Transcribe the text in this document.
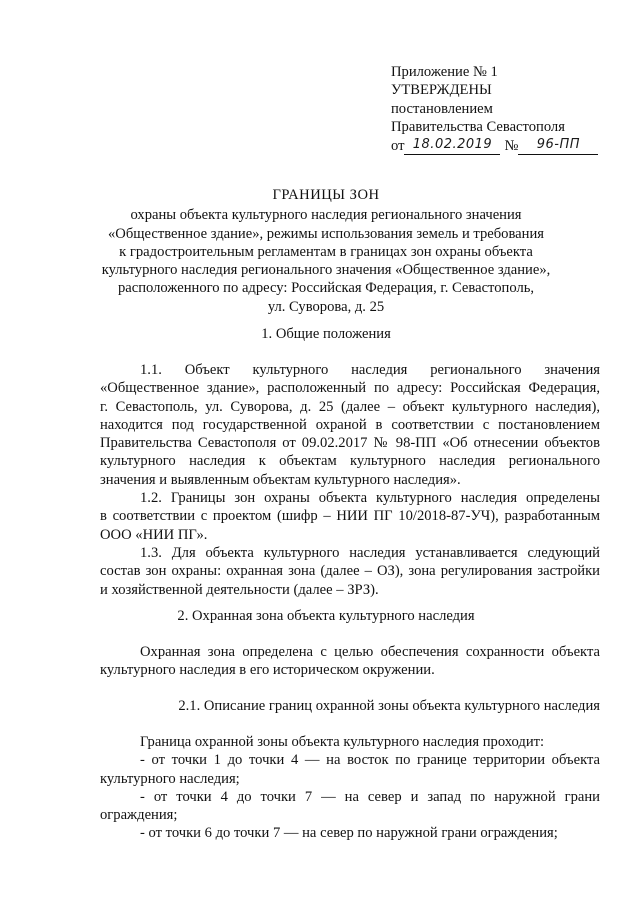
Приложение № 1
УТВЕРЖДЕНЫ
постановлением
Правительства Севастополя
от 18.02.2019 №	96-ПП
ГРАНИЦЫ ЗОН
охраны объекта культурного наследия регионального значения
«Общественное здание», режимы использования земель и требования
к градостроительным регламентам в границах зон охраны объекта
культурного наследия регионального значения «Общественное здание»,
расположенного по адресу: Российская Федерация, г. Севастополь,
ул. Суворова, д. 25
1. Общие положения
1.1. Объект культурного наследия регионального значения
«Общественное здание», расположенный по адресу: Российская Федерация,
г. Севастополь, ул. Суворова, д. 25 (далее – объект культурного наследия),
находится под государственной охраной в соответствии с постановлением
Правительства Севастополя от 09.02.2017 № 98-ПП «Об отнесении объектов
культурного наследия к объектам культурного наследия регионального
значения и выявленным объектам культурного наследия».
1.2. Границы зон охраны объекта культурного наследия определены
в соответствии с проектом (шифр – НИИ ПГ 10/2018-87-УЧ), разработанным
ООО «НИИ ПГ».
1.3. Для объекта культурного наследия устанавливается следующий
состав зон охраны: охранная зона (далее – ОЗ), зона регулирования застройки
и хозяйственной деятельности (далее – ЗРЗ).
2. Охранная зона объекта культурного наследия
Охранная зона определена с целью обеспечения сохранности объекта
культурного наследия в его историческом окружении.
2.1. Описание границ охранной зоны объекта культурного наследия
Граница охранной зоны объекта культурного наследия проходит:
- от точки 1 до точки 4 — на восток по границе территории объекта
культурного наследия;
- от точки 4 до точки 7 — на север и запад по наружной грани
ограждения;
- от точки 6 до точки 7 — на север по наружной грани ограждения;
